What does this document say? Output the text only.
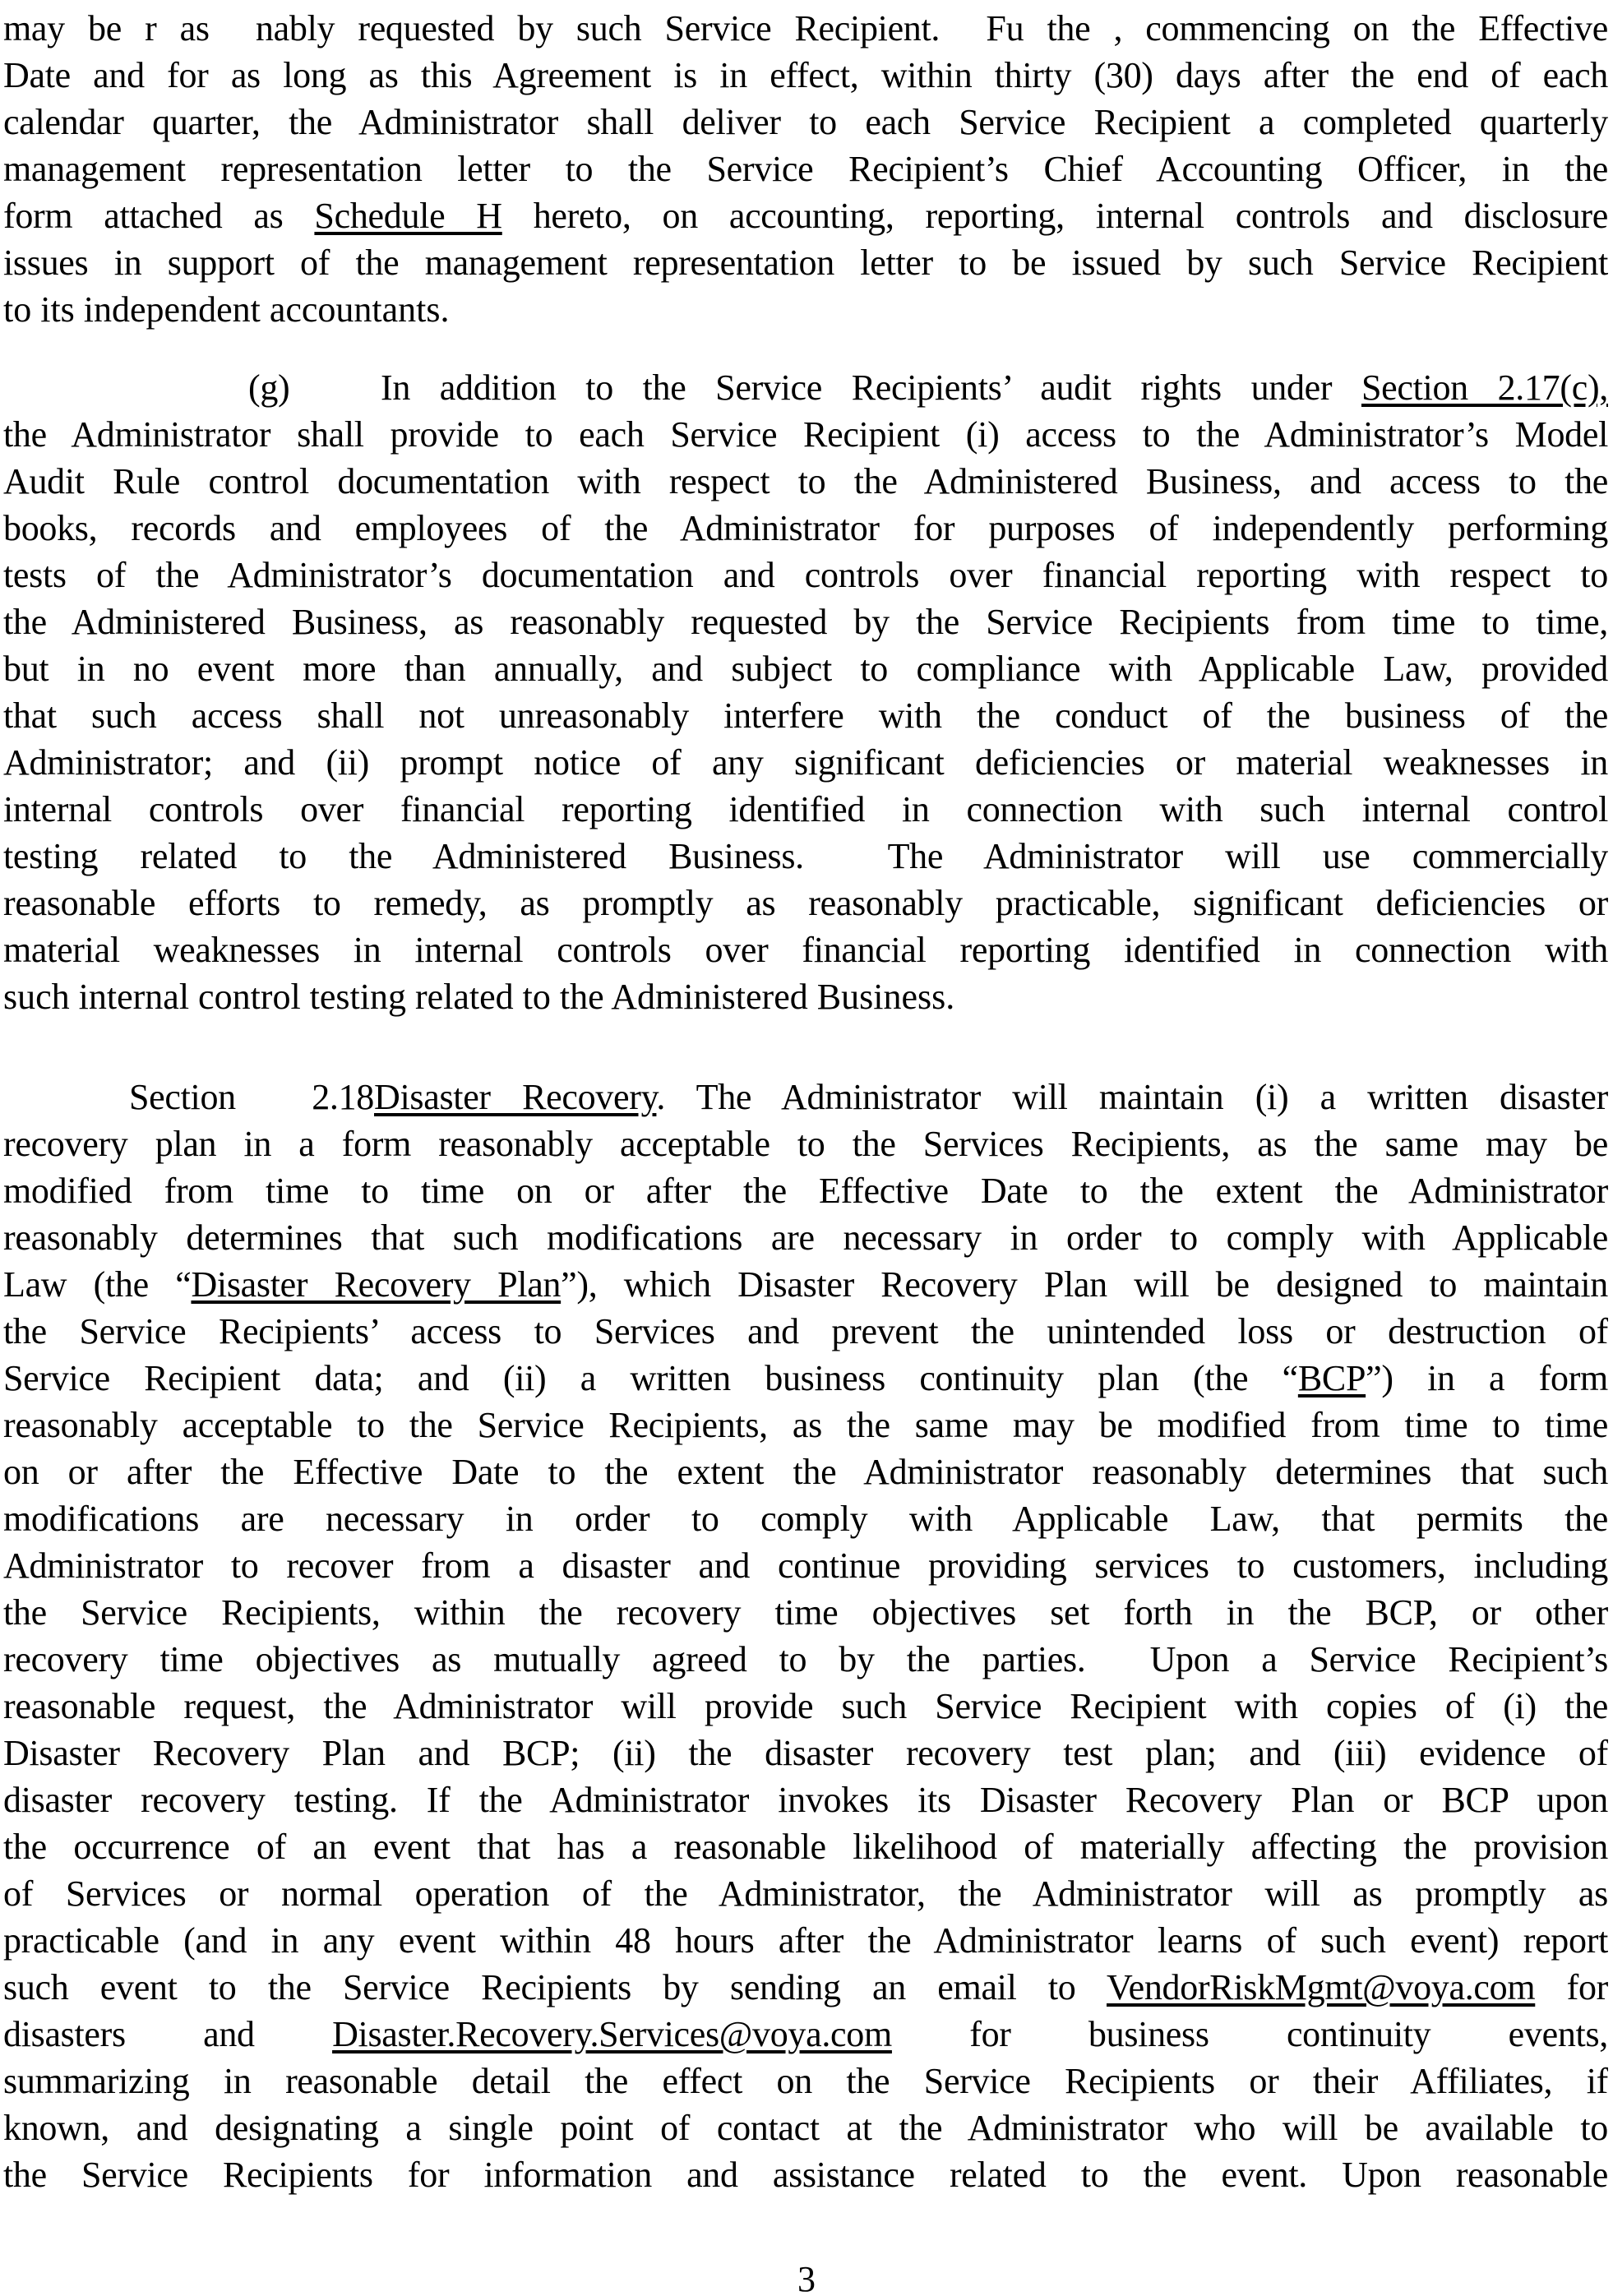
may be r as  nably requested by such Service Recipient.  Fu the , commencing on the Effective
Date and for as long as this Agreement is in effect, within thirty (30) days after the end of each
calendar quarter, the Administrator shall deliver to each Service Recipient a completed quarterly
management representation letter to the Service Recipient’s Chief Accounting Officer, in the
form attached as Schedule H hereto, on accounting, reporting, internal controls and disclosure
issues in support of the management representation letter to be issued by such Service Recipient
to its independent accountants.
(g)	In addition to the Service Recipients’ audit rights under Section 2.17(c),
the Administrator shall provide to each Service Recipient (i) access to the Administrator’s Model
Audit Rule control documentation with respect to the Administered Business, and access to the
books, records and employees of the Administrator for purposes of independently performing
tests of the Administrator’s documentation and controls over financial reporting with respect to
the Administered Business, as reasonably requested by the Service Recipients from time to time,
but in no event more than annually, and subject to compliance with Applicable Law, provided
that such access shall not unreasonably interfere with the conduct of the business of the
Administrator; and (ii) prompt notice of any significant deficiencies or material weaknesses in
internal controls over financial reporting identified in connection with such internal control
testing related to the Administered Business.  The Administrator will use commercially
reasonable efforts to remedy, as promptly as reasonably practicable, significant deficiencies or
material weaknesses in internal controls over financial reporting identified in connection with
such internal control testing related to the Administered Business.
Section 2.18Disaster Recovery. The Administrator will maintain (i) a written disaster
recovery plan in a form reasonably acceptable to the Services Recipients, as the same may be
modified from time to time on or after the Effective Date to the extent the Administrator
reasonably determines that such modifications are necessary in order to comply with Applicable
Law (the “Disaster Recovery Plan”), which Disaster Recovery Plan will be designed to maintain
the Service Recipients’ access to Services and prevent the unintended loss or destruction of
Service Recipient data; and (ii) a written business continuity plan (the “BCP”) in a form
reasonably acceptable to the Service Recipients, as the same may be modified from time to time
on or after the Effective Date to the extent the Administrator reasonably determines that such
modifications are necessary in order to comply with Applicable Law, that permits the
Administrator to recover from a disaster and continue providing services to customers, including
the Service Recipients, within the recovery time objectives set forth in the BCP, or other
recovery time objectives as mutually agreed to by the parties.  Upon a Service Recipient’s
reasonable request, the Administrator will provide such Service Recipient with copies of (i) the
Disaster Recovery Plan and BCP; (ii) the disaster recovery test plan; and (iii) evidence of
disaster recovery testing. If the Administrator invokes its Disaster Recovery Plan or BCP upon
the occurrence of an event that has a reasonable likelihood of materially affecting the provision
of Services or normal operation of the Administrator, the Administrator will as promptly as
practicable (and in any event within 48 hours after the Administrator learns of such event) report
such event to the Service Recipients by sending an email to VendorRiskMgmt@voya.com for
disasters and Disaster.Recovery.Services@voya.com for business continuity events,
summarizing in reasonable detail the effect on the Service Recipients or their Affiliates, if
known, and designating a single point of contact at the Administrator who will be available to
the Service Recipients for information and assistance related to the event. Upon reasonable
3
